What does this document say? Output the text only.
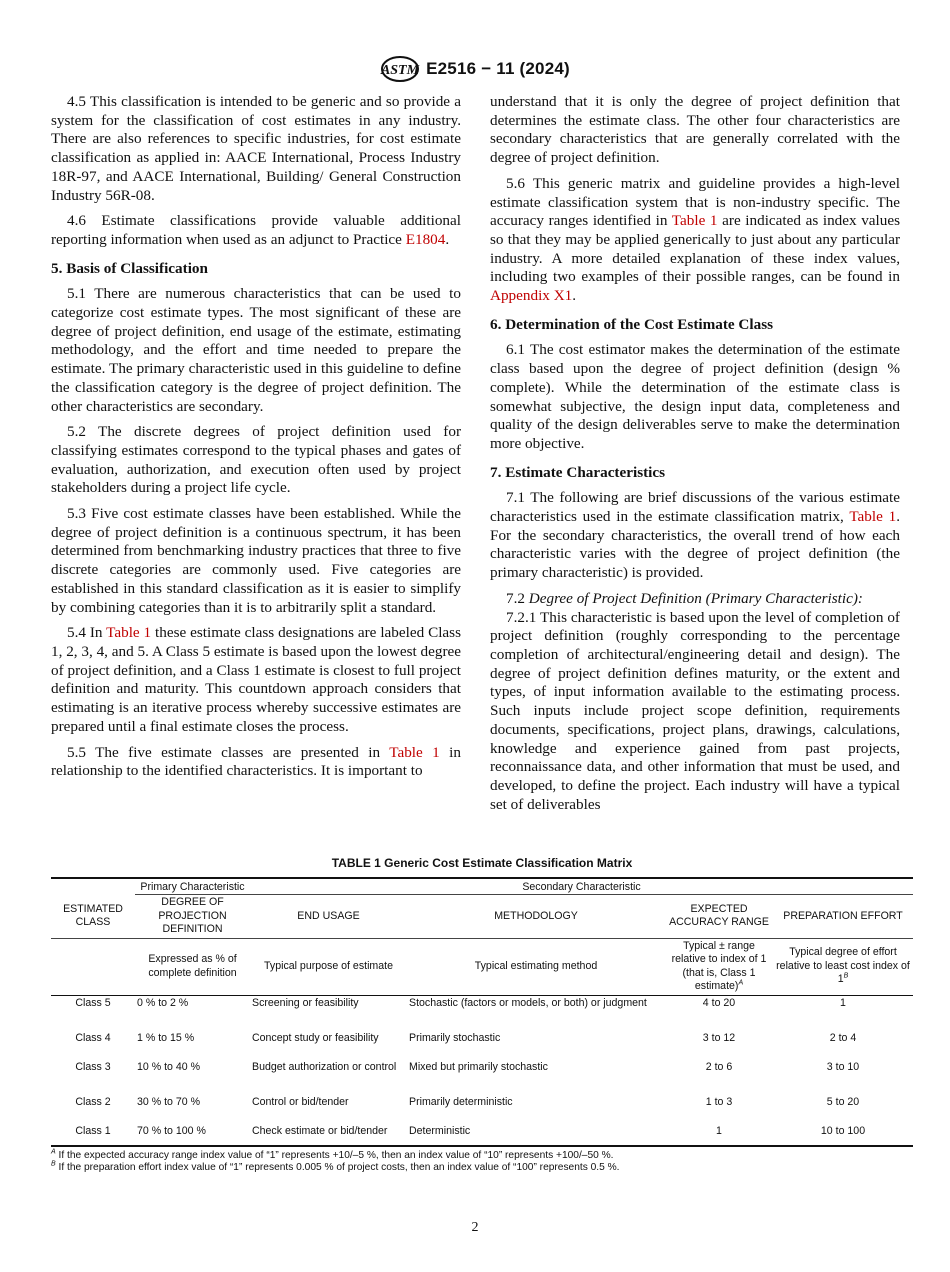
ASTM E2516 − 11 (2024)

4.5 This classification is intended to be generic and so provide a system for the classification of cost estimates in any industry. There are also references to specific industries, for cost estimate classification as applied in: AACE International, Process Industry 18R-97, and AACE International, Building/ General Construction Industry 56R-08.

4.6 Estimate classifications provide valuable additional reporting information when used as an adjunct to Practice E1804.

5. Basis of Classification

5.1 There are numerous characteristics that can be used to categorize cost estimate types. The most significant of these are degree of project definition, end usage of the estimate, estimating methodology, and the effort and time needed to prepare the estimate. The primary characteristic used in this guideline to define the classification category is the degree of project definition. The other characteristics are secondary.

5.2 The discrete degrees of project definition used for classifying estimates correspond to the typical phases and gates of evaluation, authorization, and execution often used by project stakeholders during a project life cycle.

5.3 Five cost estimate classes have been established. While the degree of project definition is a continuous spectrum, it has been determined from benchmarking industry practices that three to five discrete categories are commonly used. Five categories are established in this standard classification as it is easier to simplify by combining categories than it is to arbitrarily split a standard.

5.4 In Table 1 these estimate class designations are labeled Class 1, 2, 3, 4, and 5. A Class 5 estimate is based upon the lowest degree of project definition, and a Class 1 estimate is closest to full project definition and maturity. This countdown approach considers that estimating is an iterative process whereby successive estimates are prepared until a final estimate closes the process.

5.5 The five estimate classes are presented in Table 1 in relationship to the identified characteristics. It is important to

understand that it is only the degree of project definition that determines the estimate class. The other four characteristics are secondary characteristics that are generally correlated with the degree of project definition.

5.6 This generic matrix and guideline provides a high-level estimate classification system that is non-industry specific. The accuracy ranges identified in Table 1 are indicated as index values so that they may be applied generically to just about any particular industry. A more detailed explanation of these index values, including two examples of their possible ranges, can be found in Appendix X1.

6. Determination of the Cost Estimate Class

6.1 The cost estimator makes the determination of the estimate class based upon the degree of project definition (design % complete). While the determination of the estimate class is somewhat subjective, the design input data, completeness and quality of the design deliverables serve to make the determination more objective.

7. Estimate Characteristics

7.1 The following are brief discussions of the various estimate characteristics used in the estimate classification matrix, Table 1. For the secondary characteristics, the overall trend of how each characteristic varies with the degree of project definition (the primary characteristic) is provided.

7.2 Degree of Project Definition (Primary Characteristic):

7.2.1 This characteristic is based upon the level of completion of project definition (roughly corresponding to the percentage completion of architectural/engineering detail and design). The degree of project definition defines maturity, or the extent and types, of input information available to the estimating process. Such inputs include project scope definition, requirements documents, specifications, project plans, drawings, calculations, knowledge and experience gained from past projects, reconnaissance data, and other information that must be used, and developed, to define the project. Each industry will have a typical set of deliverables

TABLE 1 Generic Cost Estimate Classification Matrix
	Primary Characteristic	Secondary Characteristic			
ESTIMATED CLASS	DEGREE OF PROJECTION DEFINITION	END USAGE	METHODOLOGY	EXPECTED ACCURACY RANGE	PREPARATION EFFORT
	Expressed as % of complete definition	Typical purpose of estimate	Typical estimating method	Typical ± range relative to index of 1 (that is, Class 1 estimate)$^A$	Typical degree of effort relative to least cost index of $1^B$
Class 5	0 % to 2 %	Screening or feasibility	Stochastic (factors or models, or both) or judgment	4 to 20	1
Class 4	1 % to 15 %	Concept study or feasibility	Primarily stochastic	3 to 12	2 to 4
Class 3	10 % to 40 %	Budget authorization or control	Mixed but primarily stochastic	2 to 6	3 to 10
Class 2	30 % to 70 %	Control or bid/tender	Primarily deterministic	1 to 3	5 to 20
Class 1	70 % to 100 %	Check estimate or bid/tender	Deterministic	1	10 to 100
$^A$ If the expected accuracy range index value of “1” represents +10/–5 %, then an index value of “10” represents +100/–50 %.
$^B$ If the preparation effort index value of “1” represents 0.005 % of project costs, then an index value of “100” represents 0.5 %.
2
